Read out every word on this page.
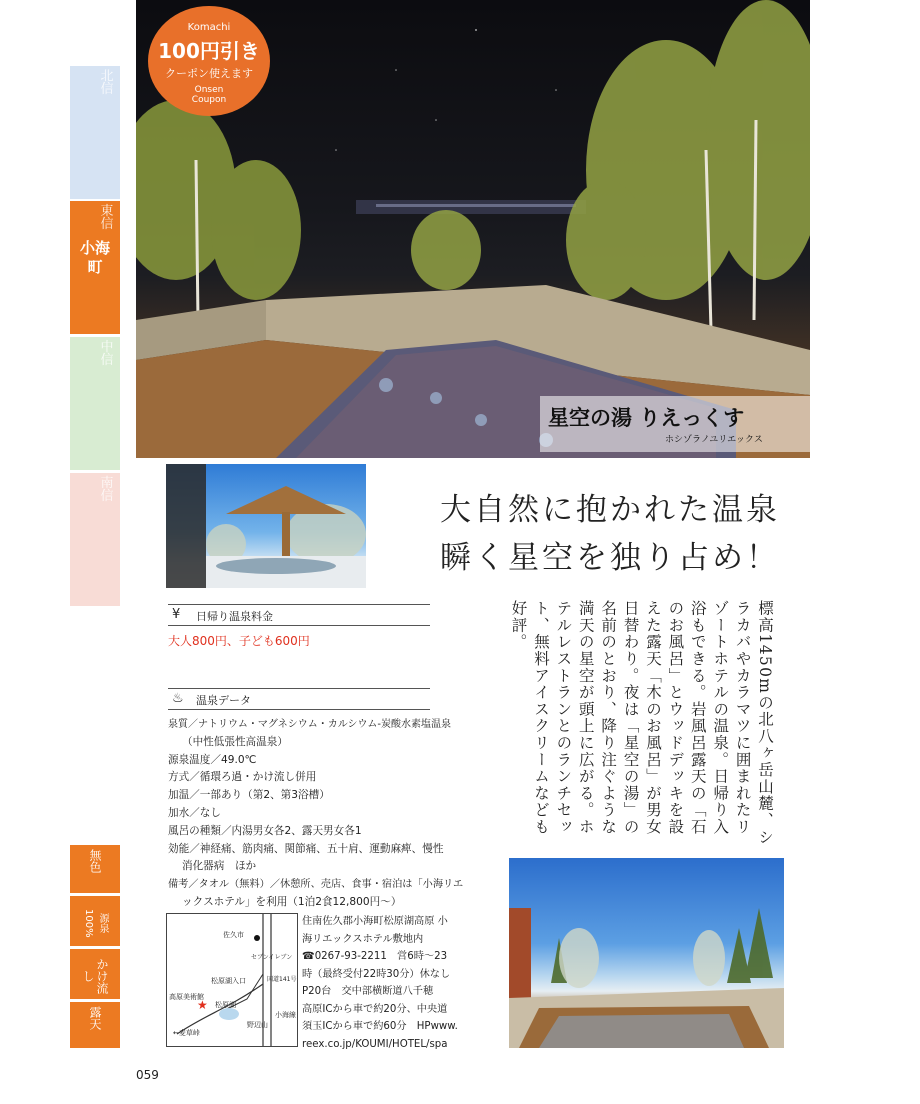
北信
東信
小海町
中信
南信
無色
源泉100%
かけ流し
露天
星空の湯 りえっくす
ホシゾラノユリエックス
Komachi
100円引き
クーポン使えます
Onsen
Coupon
大自然に抱かれた温泉
瞬く星空を独り占め！
¥ 日帰り温泉料金
大人800円、子ども600円
♨ 温泉データ
泉質／ナトリウム・マグネシウム・カルシウム-炭酸水素塩温泉
（中性低張性高温泉）
源泉温度／49.0℃
方式／循環ろ過・かけ流し併用
加温／一部あり（第2、第3浴槽）
加水／なし
風呂の種類／内湯男女各2、露天男女各1
効能／神経痛、筋肉痛、関節痛、五十肩、運動麻痺、慢性
消化器病　ほか
備考／タオル（無料）／休憩所、売店、食事・宿泊は「小海リエ
ックスホテル」を利用（1泊2食12,800円～）
佐久市
セブンイレブン
国道141号
松原湖入口
高原美術館
松原湖
小海線
野辺山
←麦草峠
★
住南佐久郡小海町松原湖高原 小
海リエックスホテル敷地内
☎0267-93-2211　営6時～23
時（最終受付22時30分）休なし
P20台　交中部横断道八千穂
高原ICから車で約20分、中央道
須玉ICから車で約60分　HPwww.
reex.co.jp/KOUMI/HOTEL/spa
標高1450mの北八ヶ岳山麓、シラカバやカラマツに囲まれたリゾートホテルの温泉。日帰り入浴もできる。岩風呂露天の「石のお風呂」とウッドデッキを設えた露天「木のお風呂」が男女日替わり。夜は「星空の湯」の名前のとおり、降り注ぐような満天の星空が頭上に広がる。ホテルレストランとのランチセット、無料アイスクリームなども好評。
059
